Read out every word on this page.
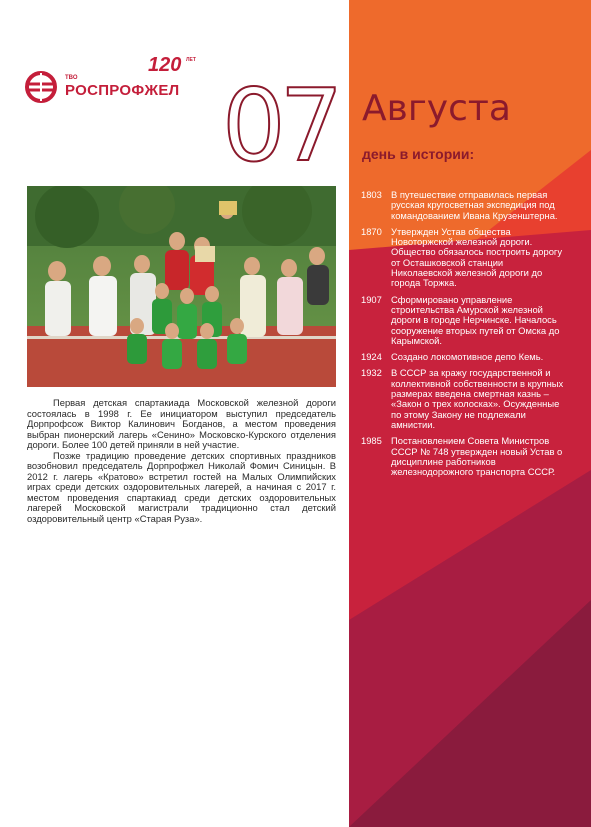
ТВО
РОСПРОФЖЕЛ
120 ЛЕТ
07 Августа
день в истории:

Первая детская спартакиада Московской железной дороги состоялась в 1998 г. Ее инициатором выступил председатель Дорпрофсож Виктор Калинович Богданов, а местом проведения выбран пионерский лагерь «Сенино» Московско-Курского отделения дороги. Более 100 детей приняли в ней участие.

Позже традицию проведение детских спортивных праздников возобновил председатель Дорпрофжел Николай Фомич Синицын. В 2012 г. лагерь «Кратово» встретил гостей на Малых Олимпийских играх среди детских оздоровительных лагерей, а начиная с 2017 г. местом проведения спартакиад среди детских оздоровительных лагерей Московской магистрали традиционно стал детский оздоровительный центр «Старая Руза».

1803 В путешествие отправилась первая русская кругосветная экспедиция под командованием Ивана Крузенштерна.
1870 Утвержден Устав общества Новоторжской железной дороги. Общество обязалось построить дорогу от Осташковской станции Николаевской железной дороги до города Торжка.
1907 Сформировано управление строительства Амурской железной дороги в городе Нерчинске. Началось сооружение вторых путей от Омска до Карымской.
1924 Создано локомотивное депо Кемь.
1932 В СССР за кражу государственной и коллективной собственности в крупных размерах введена смертная казнь – «Закон о трех колосках». Осужденные по этому Закону не подлежали амнистии.
1985 Постановлением Совета Министров СССР № 748 утвержден новый Устав о дисциплине работников железнодорожного транспорта СССР.
